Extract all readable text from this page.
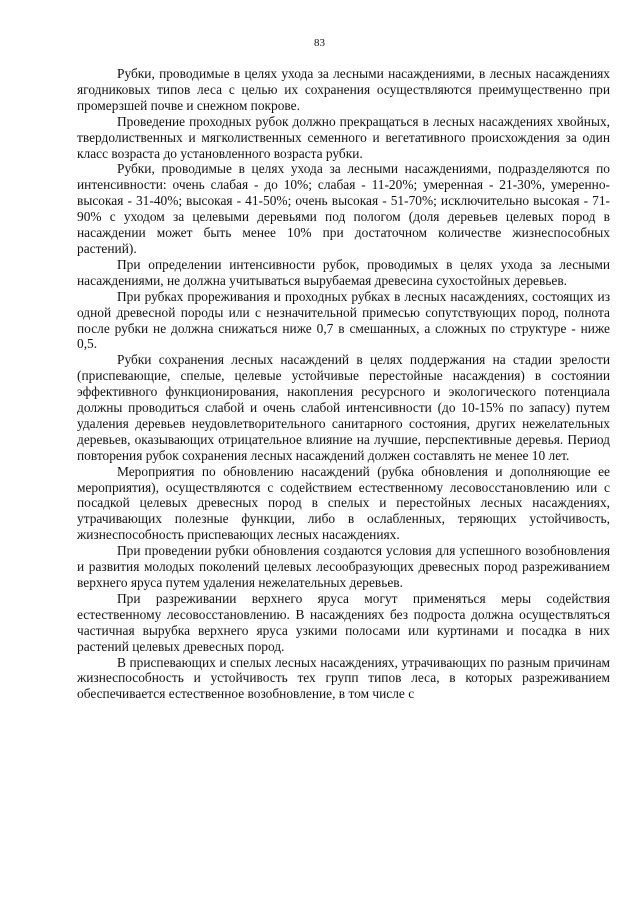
83

Рубки, проводимые в целях ухода за лесными насаждениями, в лесных насаждениях ягодниковых типов леса с целью их сохранения осуществляются преимущественно при промерзшей почве и снежном покрове.

Проведение проходных рубок должно прекращаться в лесных насаждениях хвойных, твердолиственных и мягколиственных семенного и вегетативного происхождения за один класс возраста до установленного возраста рубки.

Рубки, проводимые в целях ухода за лесными насаждениями, подразделяются по интенсивности: очень слабая - до 10%; слабая - 11-20%; умеренная - 21-30%, умеренно-высокая - 31-40%; высокая - 41-50%; очень высокая - 51-70%; исключительно высокая - 71-90% с уходом за целевыми деревьями под пологом (доля деревьев целевых пород в насаждении может быть менее 10% при достаточном количестве жизнеспособных растений).

При определении интенсивности рубок, проводимых в целях ухода за лесными насаждениями, не должна учитываться вырубаемая древесина сухостойных деревьев.

При рубках прореживания и проходных рубках в лесных насаждениях, состоящих из одной древесной породы или с незначительной примесью сопутствующих пород, полнота после рубки не должна снижаться ниже 0,7 в смешанных, а сложных по структуре - ниже 0,5.

Рубки сохранения лесных насаждений в целях поддержания на стадии зрелости (приспевающие, спелые, целевые устойчивые перестойные насаждения) в состоянии эффективного функционирования, накопления ресурсного и экологического потенциала должны проводиться слабой и очень слабой интенсивности (до 10-15% по запасу) путем удаления деревьев неудовлетворительного санитарного состояния, других нежелательных деревьев, оказывающих отрицательное влияние на лучшие, перспективные деревья. Период повторения рубок сохранения лесных насаждений должен составлять не менее 10 лет.

Мероприятия по обновлению насаждений (рубка обновления и дополняющие ее мероприятия), осуществляются с содействием естественному лесовосстановлению или с посадкой целевых древесных пород в спелых и перестойных лесных насаждениях, утрачивающих полезные функции, либо в ослабленных, теряющих устойчивость, жизнеспособность приспевающих лесных насаждениях.

При проведении рубки обновления создаются условия для успешного возобновления и развития молодых поколений целевых лесообразующих древесных пород разреживанием верхнего яруса путем удаления нежелательных деревьев.

При разреживании верхнего яруса могут применяться меры содействия естественному лесовосстановлению. В насаждениях без подроста должна осуществляться частичная вырубка верхнего яруса узкими полосами или куртинами и посадка в них растений целевых древесных пород.

В приспевающих и спелых лесных насаждениях, утрачивающих по разным причинам жизнеспособность и устойчивость тех групп типов леса, в которых разреживанием обеспечивается естественное возобновление, в том числе с
